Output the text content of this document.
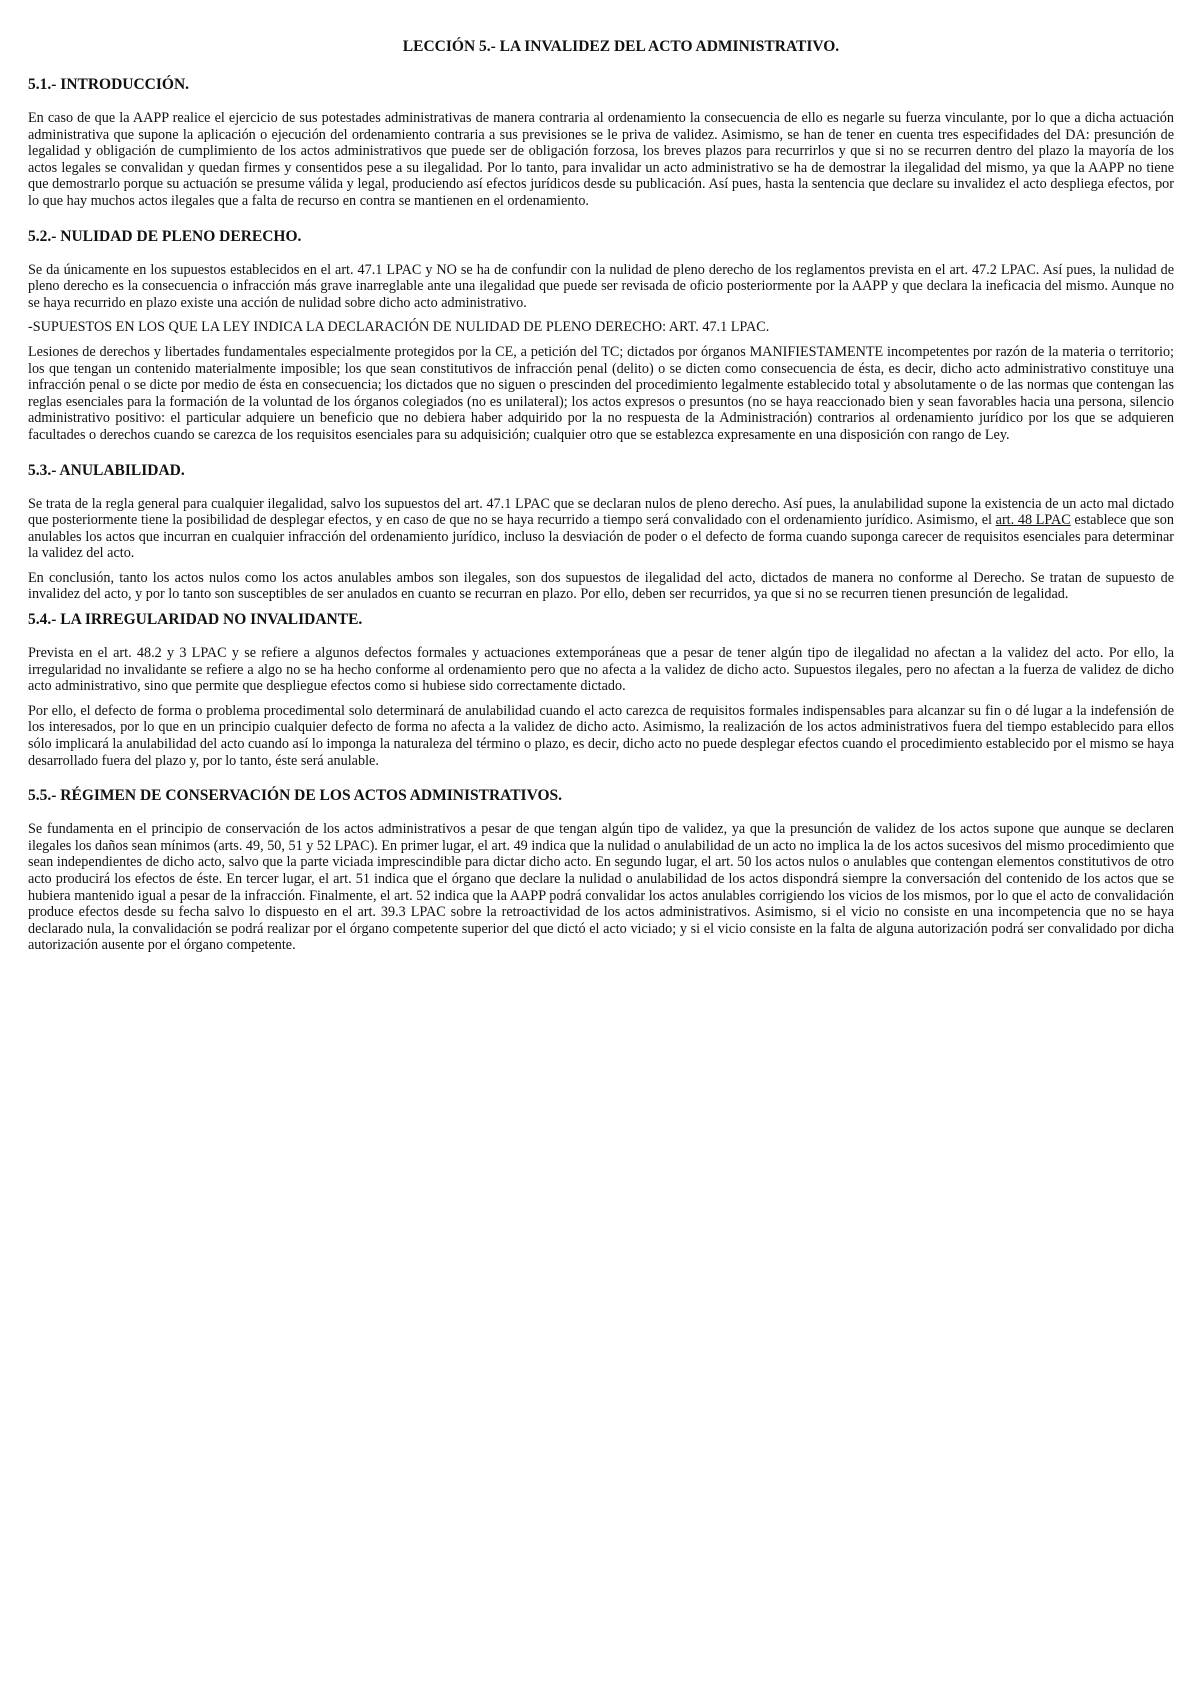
LECCIÓN 5.- LA INVALIDEZ DEL ACTO ADMINISTRATIVO.
5.1.- INTRODUCCIÓN.

En caso de que la AAPP realice el ejercicio de sus potestades administrativas de manera contraria al ordenamiento la consecuencia de ello es negarle su fuerza vinculante, por lo que a dicha actuación administrativa que supone la aplicación o ejecución del ordenamiento contraria a sus previsiones se le priva de validez. Asimismo, se han de tener en cuenta tres especifidades del DA: presunción de legalidad y obligación de cumplimiento de los actos administrativos que puede ser de obligación forzosa, los breves plazos para recurrirlos y que si no se recurren dentro del plazo la mayoría de los actos legales se convalidan y quedan firmes y consentidos pese a su ilegalidad. Por lo tanto, para invalidar un acto administrativo se ha de demostrar la ilegalidad del mismo, ya que la AAPP no tiene que demostrarlo porque su actuación se presume válida y legal, produciendo así efectos jurídicos desde su publicación. Así pues, hasta la sentencia que declare su invalidez el acto despliega efectos, por lo que hay muchos actos ilegales que a falta de recurso en contra se mantienen en el ordenamiento.

5.2.- NULIDAD DE PLENO DERECHO.

Se da únicamente en los supuestos establecidos en el art. 47.1 LPAC y NO se ha de confundir con la nulidad de pleno derecho de los reglamentos prevista en el art. 47.2 LPAC. Así pues, la nulidad de pleno derecho es la consecuencia o infracción más grave inarreglable ante una ilegalidad que puede ser revisada de oficio posteriormente por la AAPP y que declara la ineficacia del mismo. Aunque no se haya recurrido en plazo existe una acción de nulidad sobre dicho acto administrativo.

-SUPUESTOS EN LOS QUE LA LEY INDICA LA DECLARACIÓN DE NULIDAD DE PLENO DERECHO: ART. 47.1 LPAC.

Lesiones de derechos y libertades fundamentales especialmente protegidos por la CE, a petición del TC; dictados por órganos MANIFIESTAMENTE incompetentes por razón de la materia o territorio; los que tengan un contenido materialmente imposible; los que sean constitutivos de infracción penal (delito) o se dicten como consecuencia de ésta, es decir, dicho acto administrativo constituye una infracción penal o se dicte por medio de ésta en consecuencia; los dictados que no siguen o prescinden del procedimiento legalmente establecido total y absolutamente o de las normas que contengan las reglas esenciales para la formación de la voluntad de los órganos colegiados (no es unilateral); los actos expresos o presuntos (no se haya reaccionado bien y sean favorables hacia una persona, silencio administrativo positivo: el particular adquiere un beneficio que no debiera haber adquirido por la no respuesta de la Administración) contrarios al ordenamiento jurídico por los que se adquieren facultades o derechos cuando se carezca de los requisitos esenciales para su adquisición; cualquier otro que se establezca expresamente en una disposición con rango de Ley.

5.3.- ANULABILIDAD.

Se trata de la regla general para cualquier ilegalidad, salvo los supuestos del art. 47.1 LPAC que se declaran nulos de pleno derecho. Así pues, la anulabilidad supone la existencia de un acto mal dictado que posteriormente tiene la posibilidad de desplegar efectos, y en caso de que no se haya recurrido a tiempo será convalidado con el ordenamiento jurídico. Asimismo, el art. 48 LPAC establece que son anulables los actos que incurran en cualquier infracción del ordenamiento jurídico, incluso la desviación de poder o el defecto de forma cuando suponga carecer de requisitos esenciales para determinar la validez del acto.

En conclusión, tanto los actos nulos como los actos anulables ambos son ilegales, son dos supuestos de ilegalidad del acto, dictados de manera no conforme al Derecho. Se tratan de supuesto de invalidez del acto, y por lo tanto son susceptibles de ser anulados en cuanto se recurran en plazo. Por ello, deben ser recurridos, ya que si no se recurren tienen presunción de legalidad.

5.4.- LA IRREGULARIDAD NO INVALIDANTE.

Prevista en el art. 48.2 y 3 LPAC y se refiere a algunos defectos formales y actuaciones extemporáneas que a pesar de tener algún tipo de ilegalidad no afectan a la validez del acto. Por ello, la irregularidad no invalidante se refiere a algo no se ha hecho conforme al ordenamiento pero que no afecta a la validez de dicho acto. Supuestos ilegales, pero no afectan a la fuerza de validez de dicho acto administrativo, sino que permite que despliegue efectos como si hubiese sido correctamente dictado.

Por ello, el defecto de forma o problema procedimental solo determinará de anulabilidad cuando el acto carezca de requisitos formales indispensables para alcanzar su fin o dé lugar a la indefensión de los interesados, por lo que en un principio cualquier defecto de forma no afecta a la validez de dicho acto. Asimismo, la realización de los actos administrativos fuera del tiempo establecido para ellos sólo implicará la anulabilidad del acto cuando así lo imponga la naturaleza del término o plazo, es decir, dicho acto no puede desplegar efectos cuando el procedimiento establecido por el mismo se haya desarrollado fuera del plazo y, por lo tanto, éste será anulable.

5.5.- RÉGIMEN DE CONSERVACIÓN DE LOS ACTOS ADMINISTRATIVOS.

Se fundamenta en el principio de conservación de los actos administrativos a pesar de que tengan algún tipo de validez, ya que la presunción de validez de los actos supone que aunque se declaren ilegales los daños sean mínimos (arts. 49, 50, 51 y 52 LPAC). En primer lugar, el art. 49 indica que la nulidad o anulabilidad de un acto no implica la de los actos sucesivos del mismo procedimiento que sean independientes de dicho acto, salvo que la parte viciada imprescindible para dictar dicho acto. En segundo lugar, el art. 50 los actos nulos o anulables que contengan elementos constitutivos de otro acto producirá los efectos de éste. En tercer lugar, el art. 51 indica que el órgano que declare la nulidad o anulabilidad de los actos dispondrá siempre la conversación del contenido de los actos que se hubiera mantenido igual a pesar de la infracción. Finalmente, el art. 52 indica que la AAPP podrá convalidar los actos anulables corrigiendo los vicios de los mismos, por lo que el acto de convalidación produce efectos desde su fecha salvo lo dispuesto en el art. 39.3 LPAC sobre la retroactividad de los actos administrativos. Asimismo, si el vicio no consiste en una incompetencia que no se haya declarado nula, la convalidación se podrá realizar por el órgano competente superior del que dictó el acto viciado; y si el vicio consiste en la falta de alguna autorización podrá ser convalidado por dicha autorización ausente por el órgano competente.
